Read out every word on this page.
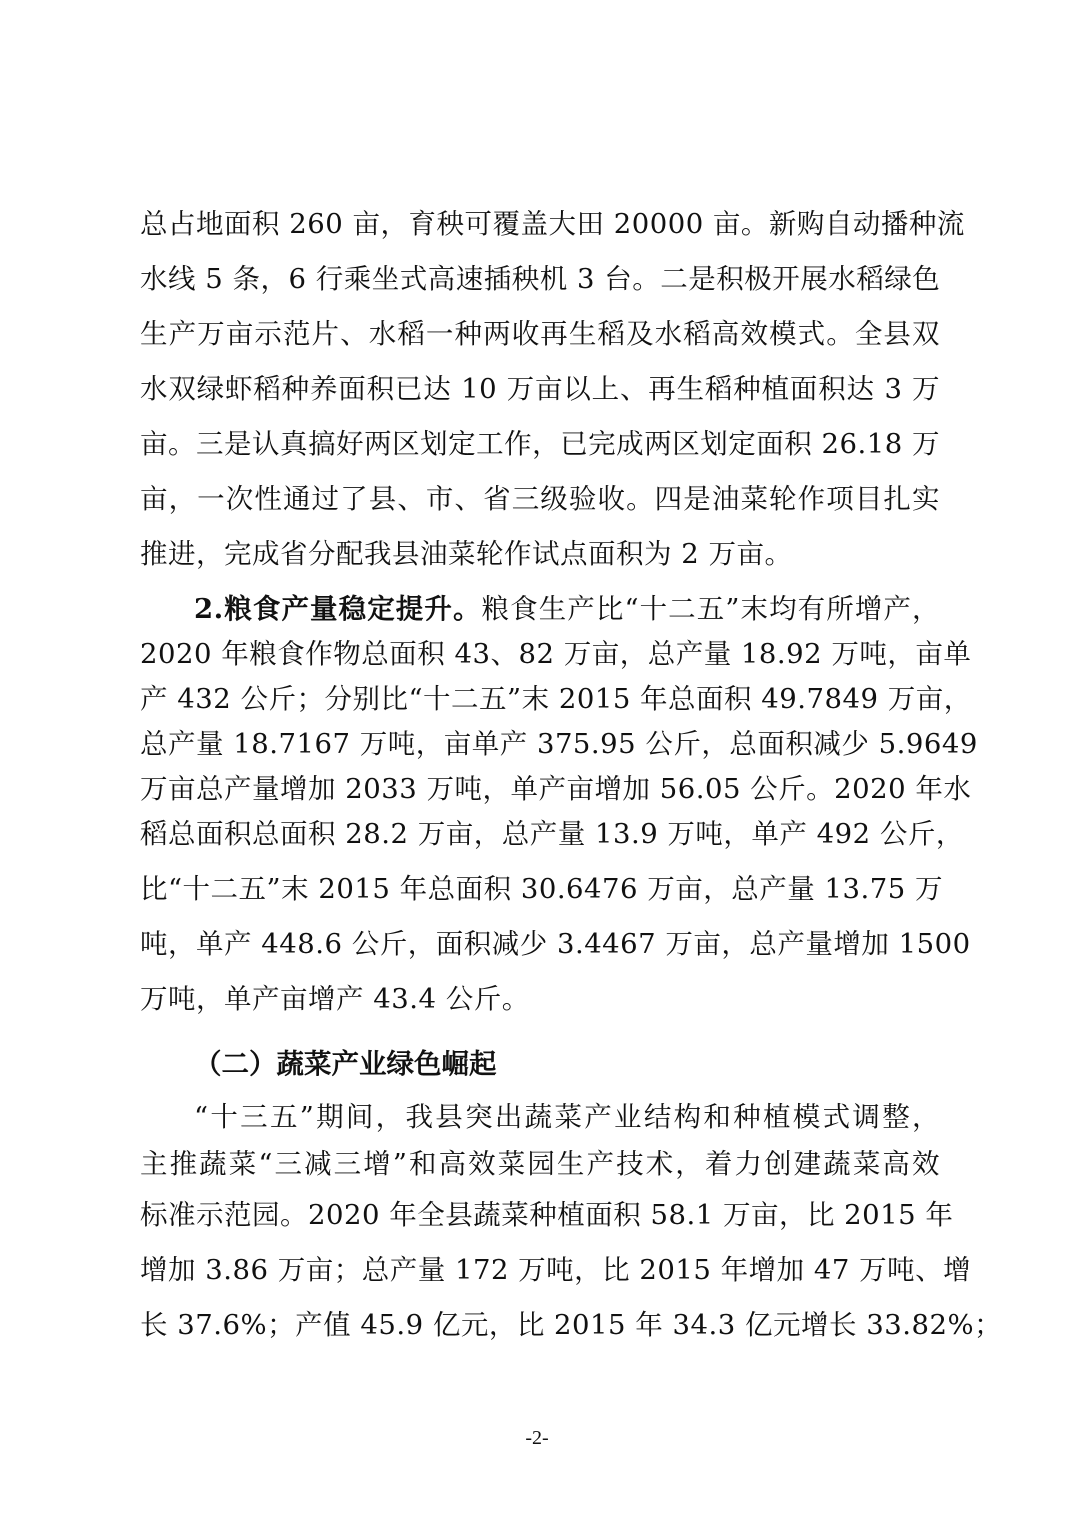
总占地面积 260 亩，育秧可覆盖大田 20000 亩。新购自动播种流
水线 5 条，6 行乘坐式高速插秧机 3 台。二是积极开展水稻绿色
生产万亩示范片、水稻一种两收再生稻及水稻高效模式。全县双
水双绿虾稻种养面积已达 10 万亩以上、再生稻种植面积达 3 万
亩。三是认真搞好两区划定工作，已完成两区划定面积 26.18 万
亩，一次性通过了县、市、省三级验收。四是油菜轮作项目扎实
推进，完成省分配我县油菜轮作试点面积为 2 万亩。
2.粮食产量稳定提升。粮食生产比“十二五”末均有所增产，
2020 年粮食作物总面积 43、82 万亩，总产量 18.92 万吨，亩单
产 432 公斤；分别比“十二五”末 2015 年总面积 49.7849 万亩，
总产量 18.7167 万吨，亩单产 375.95 公斤，总面积减少 5.9649
万亩总产量增加 2033 万吨，单产亩增加 56.05 公斤。2020 年水
稻总面积总面积 28.2 万亩，总产量 13.9 万吨，单产 492 公斤，
比“十二五”末 2015 年总面积 30.6476 万亩，总产量 13.75 万
吨，单产 448.6 公斤，面积减少 3.4467 万亩，总产量增加 1500
万吨，单产亩增产 43.4 公斤。
（二）蔬菜产业绿色崛起
“十三五”期间，我县突出蔬菜产业结构和种植模式调整，
主推蔬菜“三减三增”和高效菜园生产技术，着力创建蔬菜高效
标准示范园。2020 年全县蔬菜种植面积 58.1 万亩，比 2015 年
增加 3.86 万亩；总产量 172 万吨，比 2015 年增加 47 万吨、增
长 37.6%；产值 45.9 亿元，比 2015 年 34.3 亿元增长 33.82%；
-2-
